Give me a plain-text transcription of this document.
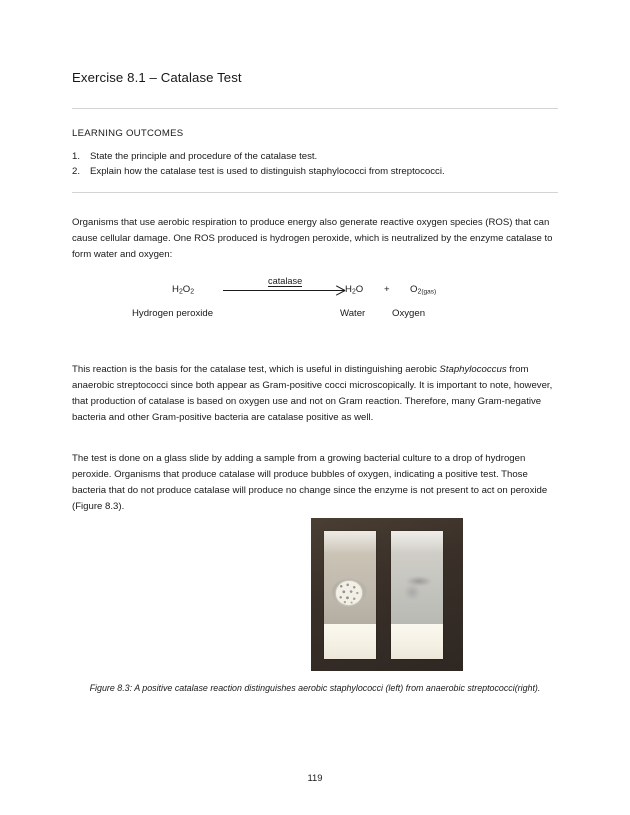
Exercise 8.1 – Catalase Test
LEARNING OUTCOMES
1.	State the principle and procedure of the catalase test.
2.	Explain how the catalase test is used to distinguish staphylococci from streptococci.

Organisms that use aerobic respiration to produce energy also generate reactive oxygen species (ROS) that can cause cellular damage. One ROS produced is hydrogen peroxide, which is neutralized by the enzyme catalase to form water and oxygen:

$H_2O_2$
catalase
$H_2O + O_2(gas)$
Hydrogen peroxide	Water	Oxygen

This reaction is the basis for the catalase test, which is useful in distinguishing aerobic Staphylococcus from anaerobic streptococci since both appear as Gram-positive cocci microscopically. It is important to note, however, that production of catalase is based on oxygen use and not on Gram reaction. Therefore, many Gram-negative bacteria and other Gram-positive bacteria are catalase positive as well.

The test is done on a glass slide by adding a sample from a growing bacterial culture to a drop of hydrogen peroxide. Organisms that produce catalase will produce bubbles of oxygen, indicating a positive test. Those bacteria that do not produce catalase will produce no change since the enzyme is not present to act on peroxide (Figure 8.3).

Figure 8.3: A positive catalase reaction distinguishes aerobic staphylococci (left) from anaerobic streptococci(right).
119
